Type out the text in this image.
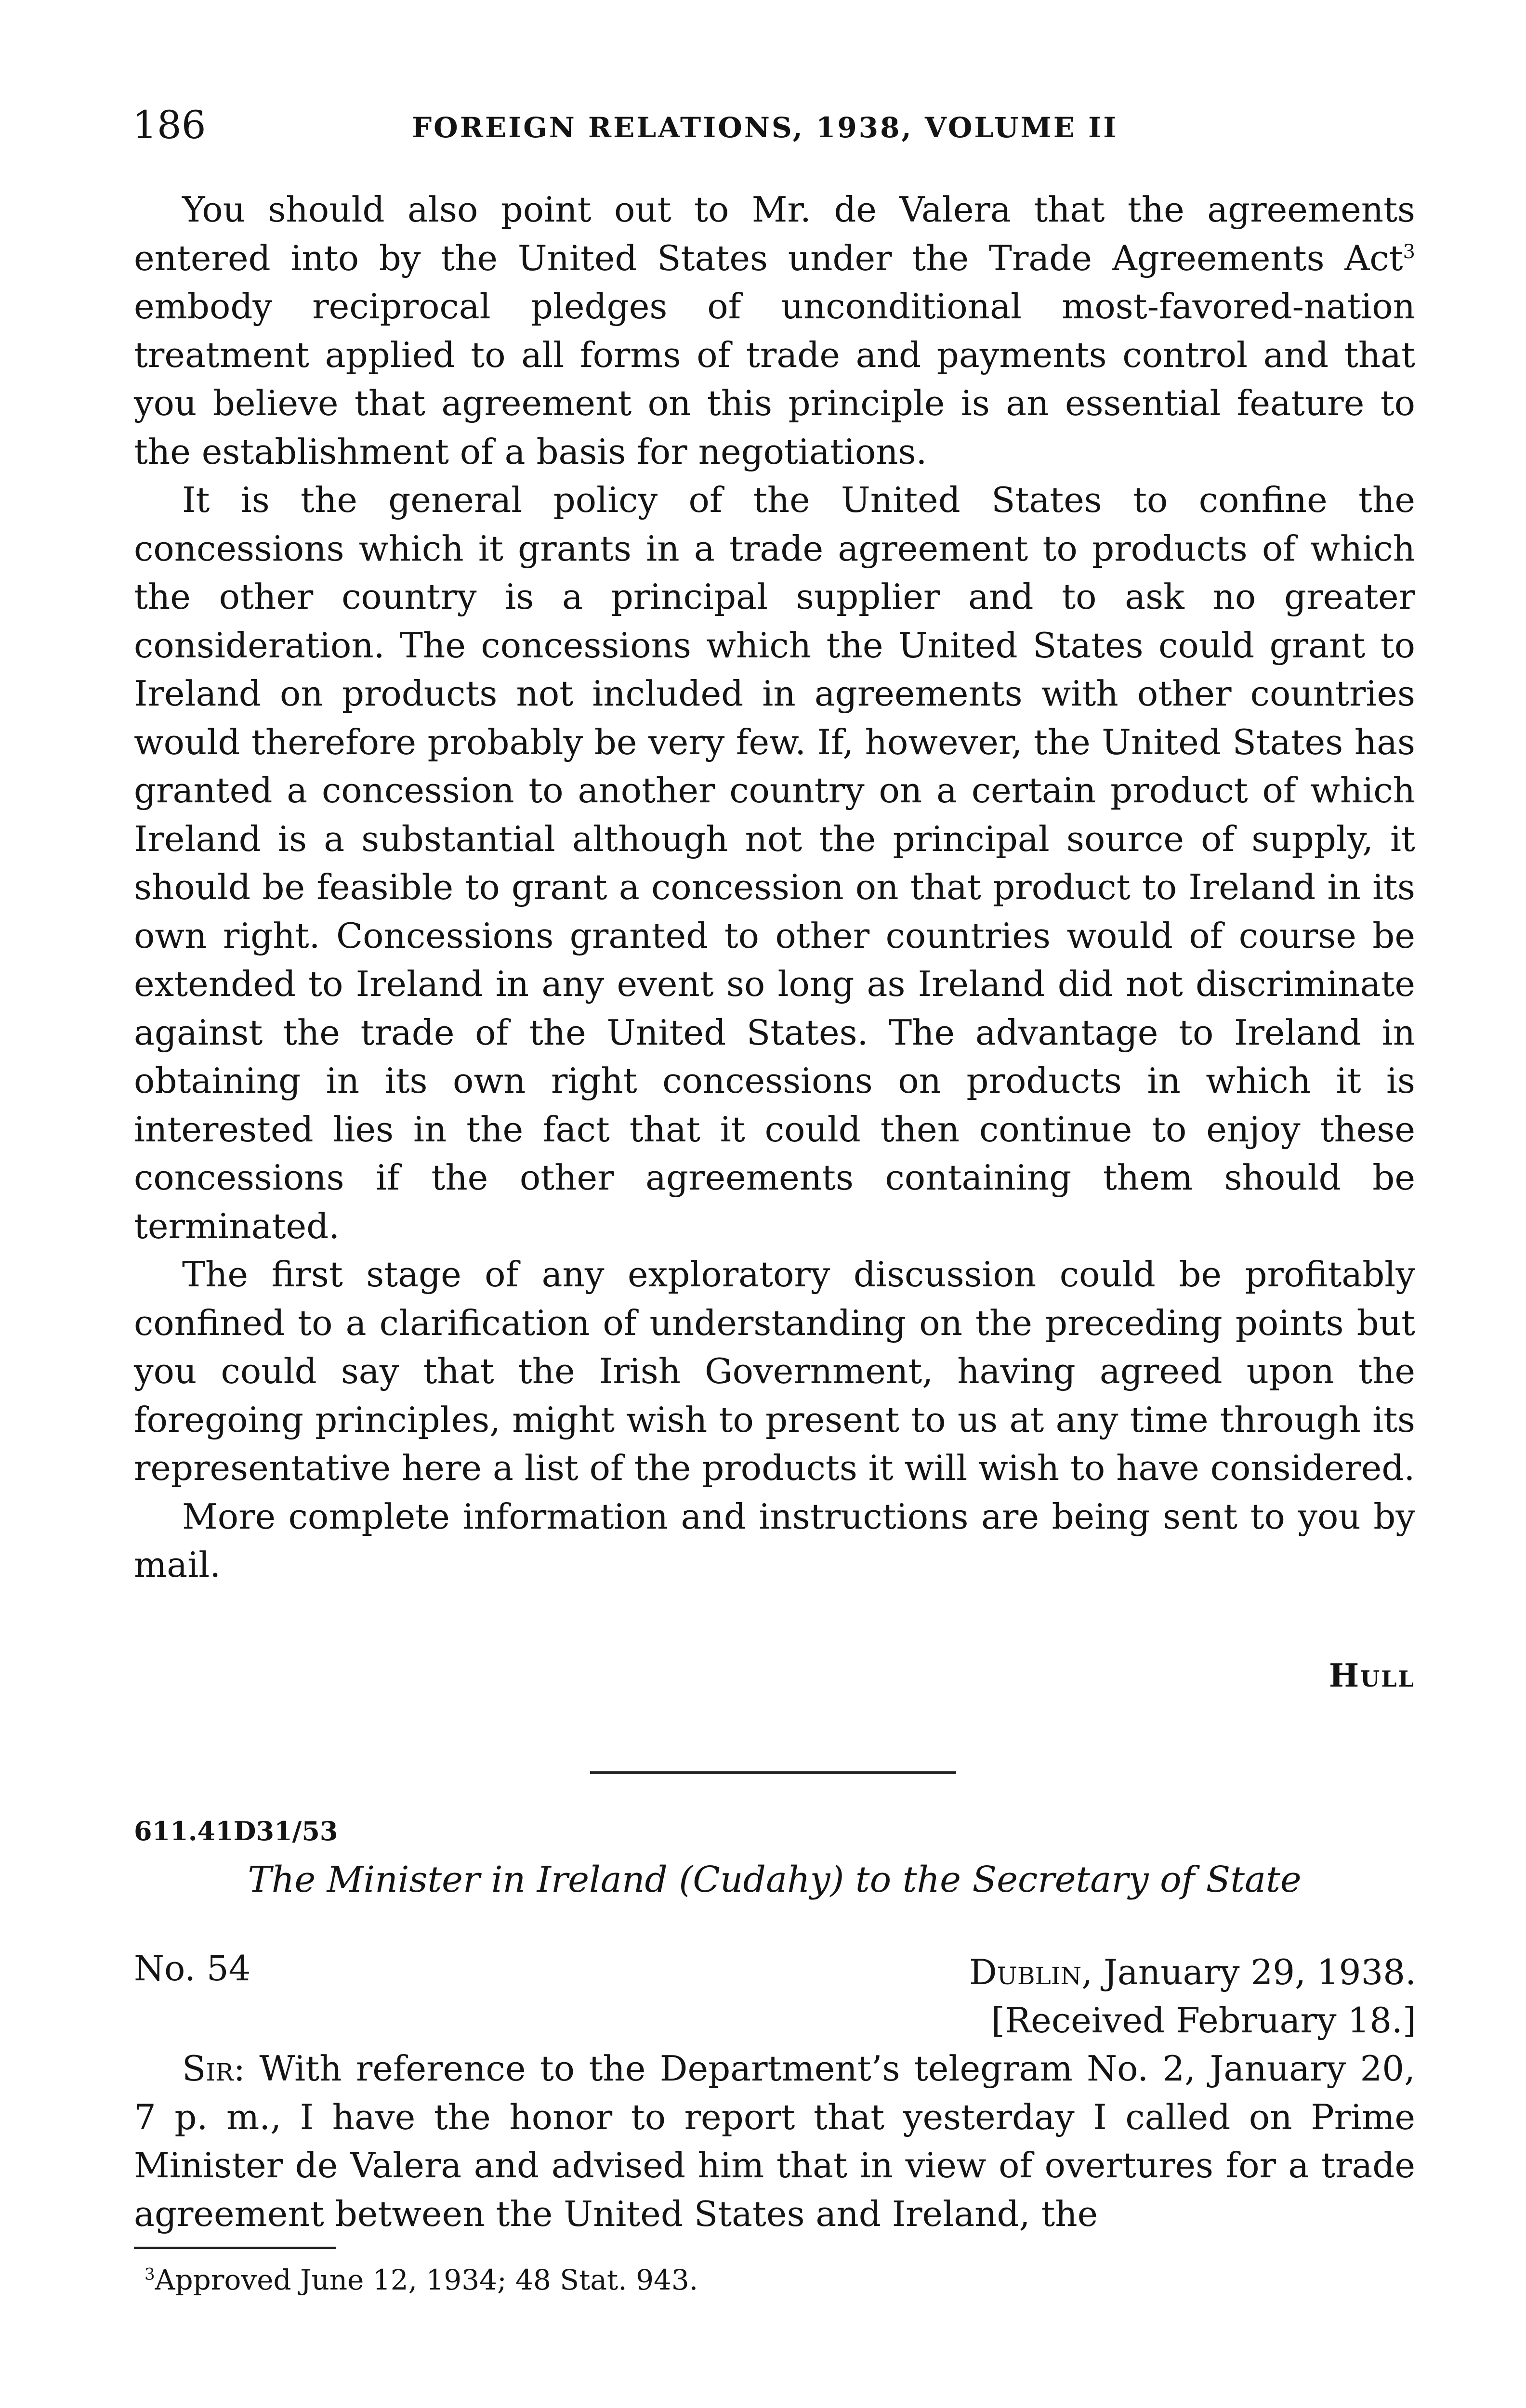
186	FOREIGN RELATIONS, 1938, VOLUME II

You should also point out to Mr. de Valera that the agreements entered into by the United States under the Trade Agreements Act$^3$ embody reciprocal pledges of unconditional most-favored-nation treatment applied to all forms of trade and payments control and that you believe that agreement on this principle is an essential feature to the establishment of a basis for negotiations.

It is the general policy of the United States to confine the concessions which it grants in a trade agreement to products of which the other country is a principal supplier and to ask no greater consideration. The concessions which the United States could grant to Ireland on products not included in agreements with other countries would therefore probably be very few. If, however, the United States has granted a concession to another country on a certain product of which Ireland is a substantial although not the principal source of supply, it should be feasible to grant a concession on that product to Ireland in its own right. Concessions granted to other countries would of course be extended to Ireland in any event so long as Ireland did not discriminate against the trade of the United States. The advantage to Ireland in obtaining in its own right concessions on products in which it is interested lies in the fact that it could then continue to enjoy these concessions if the other agreements containing them should be terminated.

The first stage of any exploratory discussion could be profitably confined to a clarification of understanding on the preceding points but you could say that the Irish Government, having agreed upon the foregoing principles, might wish to present to us at any time through its representative here a list of the products it will wish to have considered.

More complete information and instructions are being sent to you by mail.

Hull
611.41D31/53
The Minister in Ireland (Cudahy) to the Secretary of State
No. 54	Dublin, January 29, 1938.
[Received February 18.]

Sir: With reference to the Department’s telegram No. 2, January 20, 7 p. m., I have the honor to report that yesterday I called on Prime Minister de Valera and advised him that in view of overtures for a trade agreement between the United States and Ireland, the

$^3$Approved June 12, 1934; 48 Stat. 943.
